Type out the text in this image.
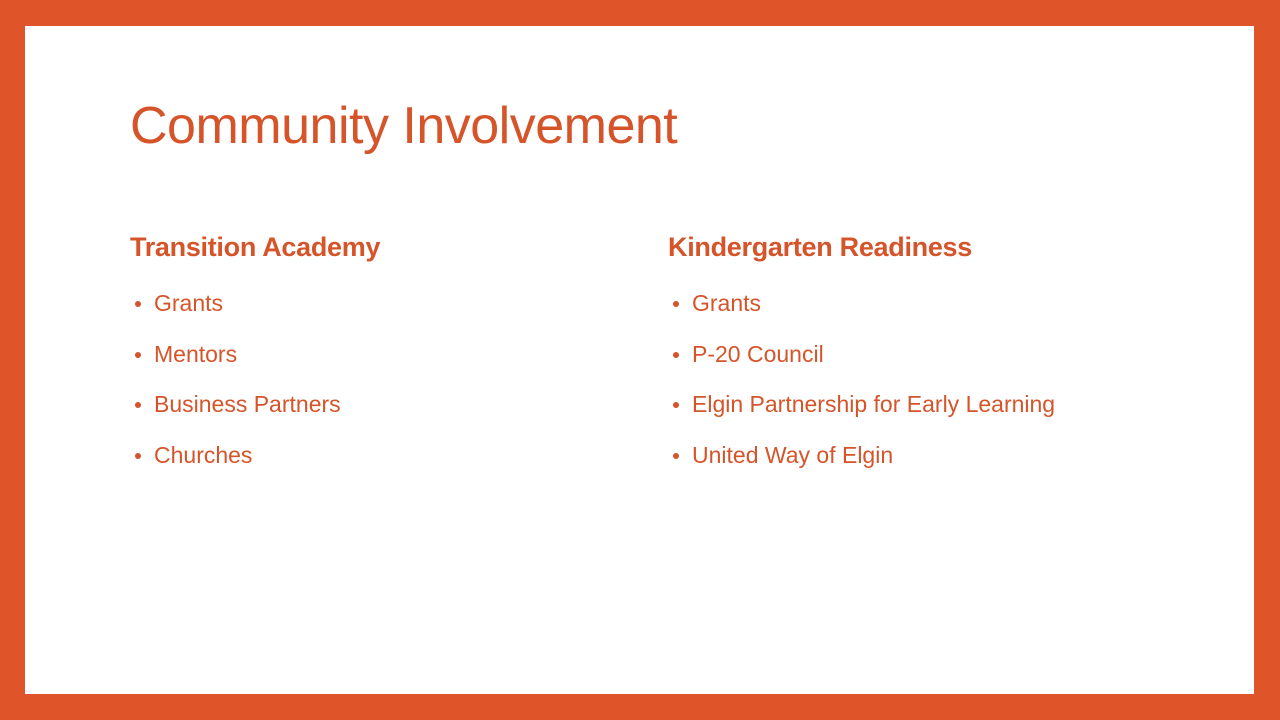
Community Involvement
Transition Academy
Grants
Mentors
Business Partners
Churches
Kindergarten Readiness
Grants
P-20 Council
Elgin Partnership for Early Learning
United Way of Elgin
